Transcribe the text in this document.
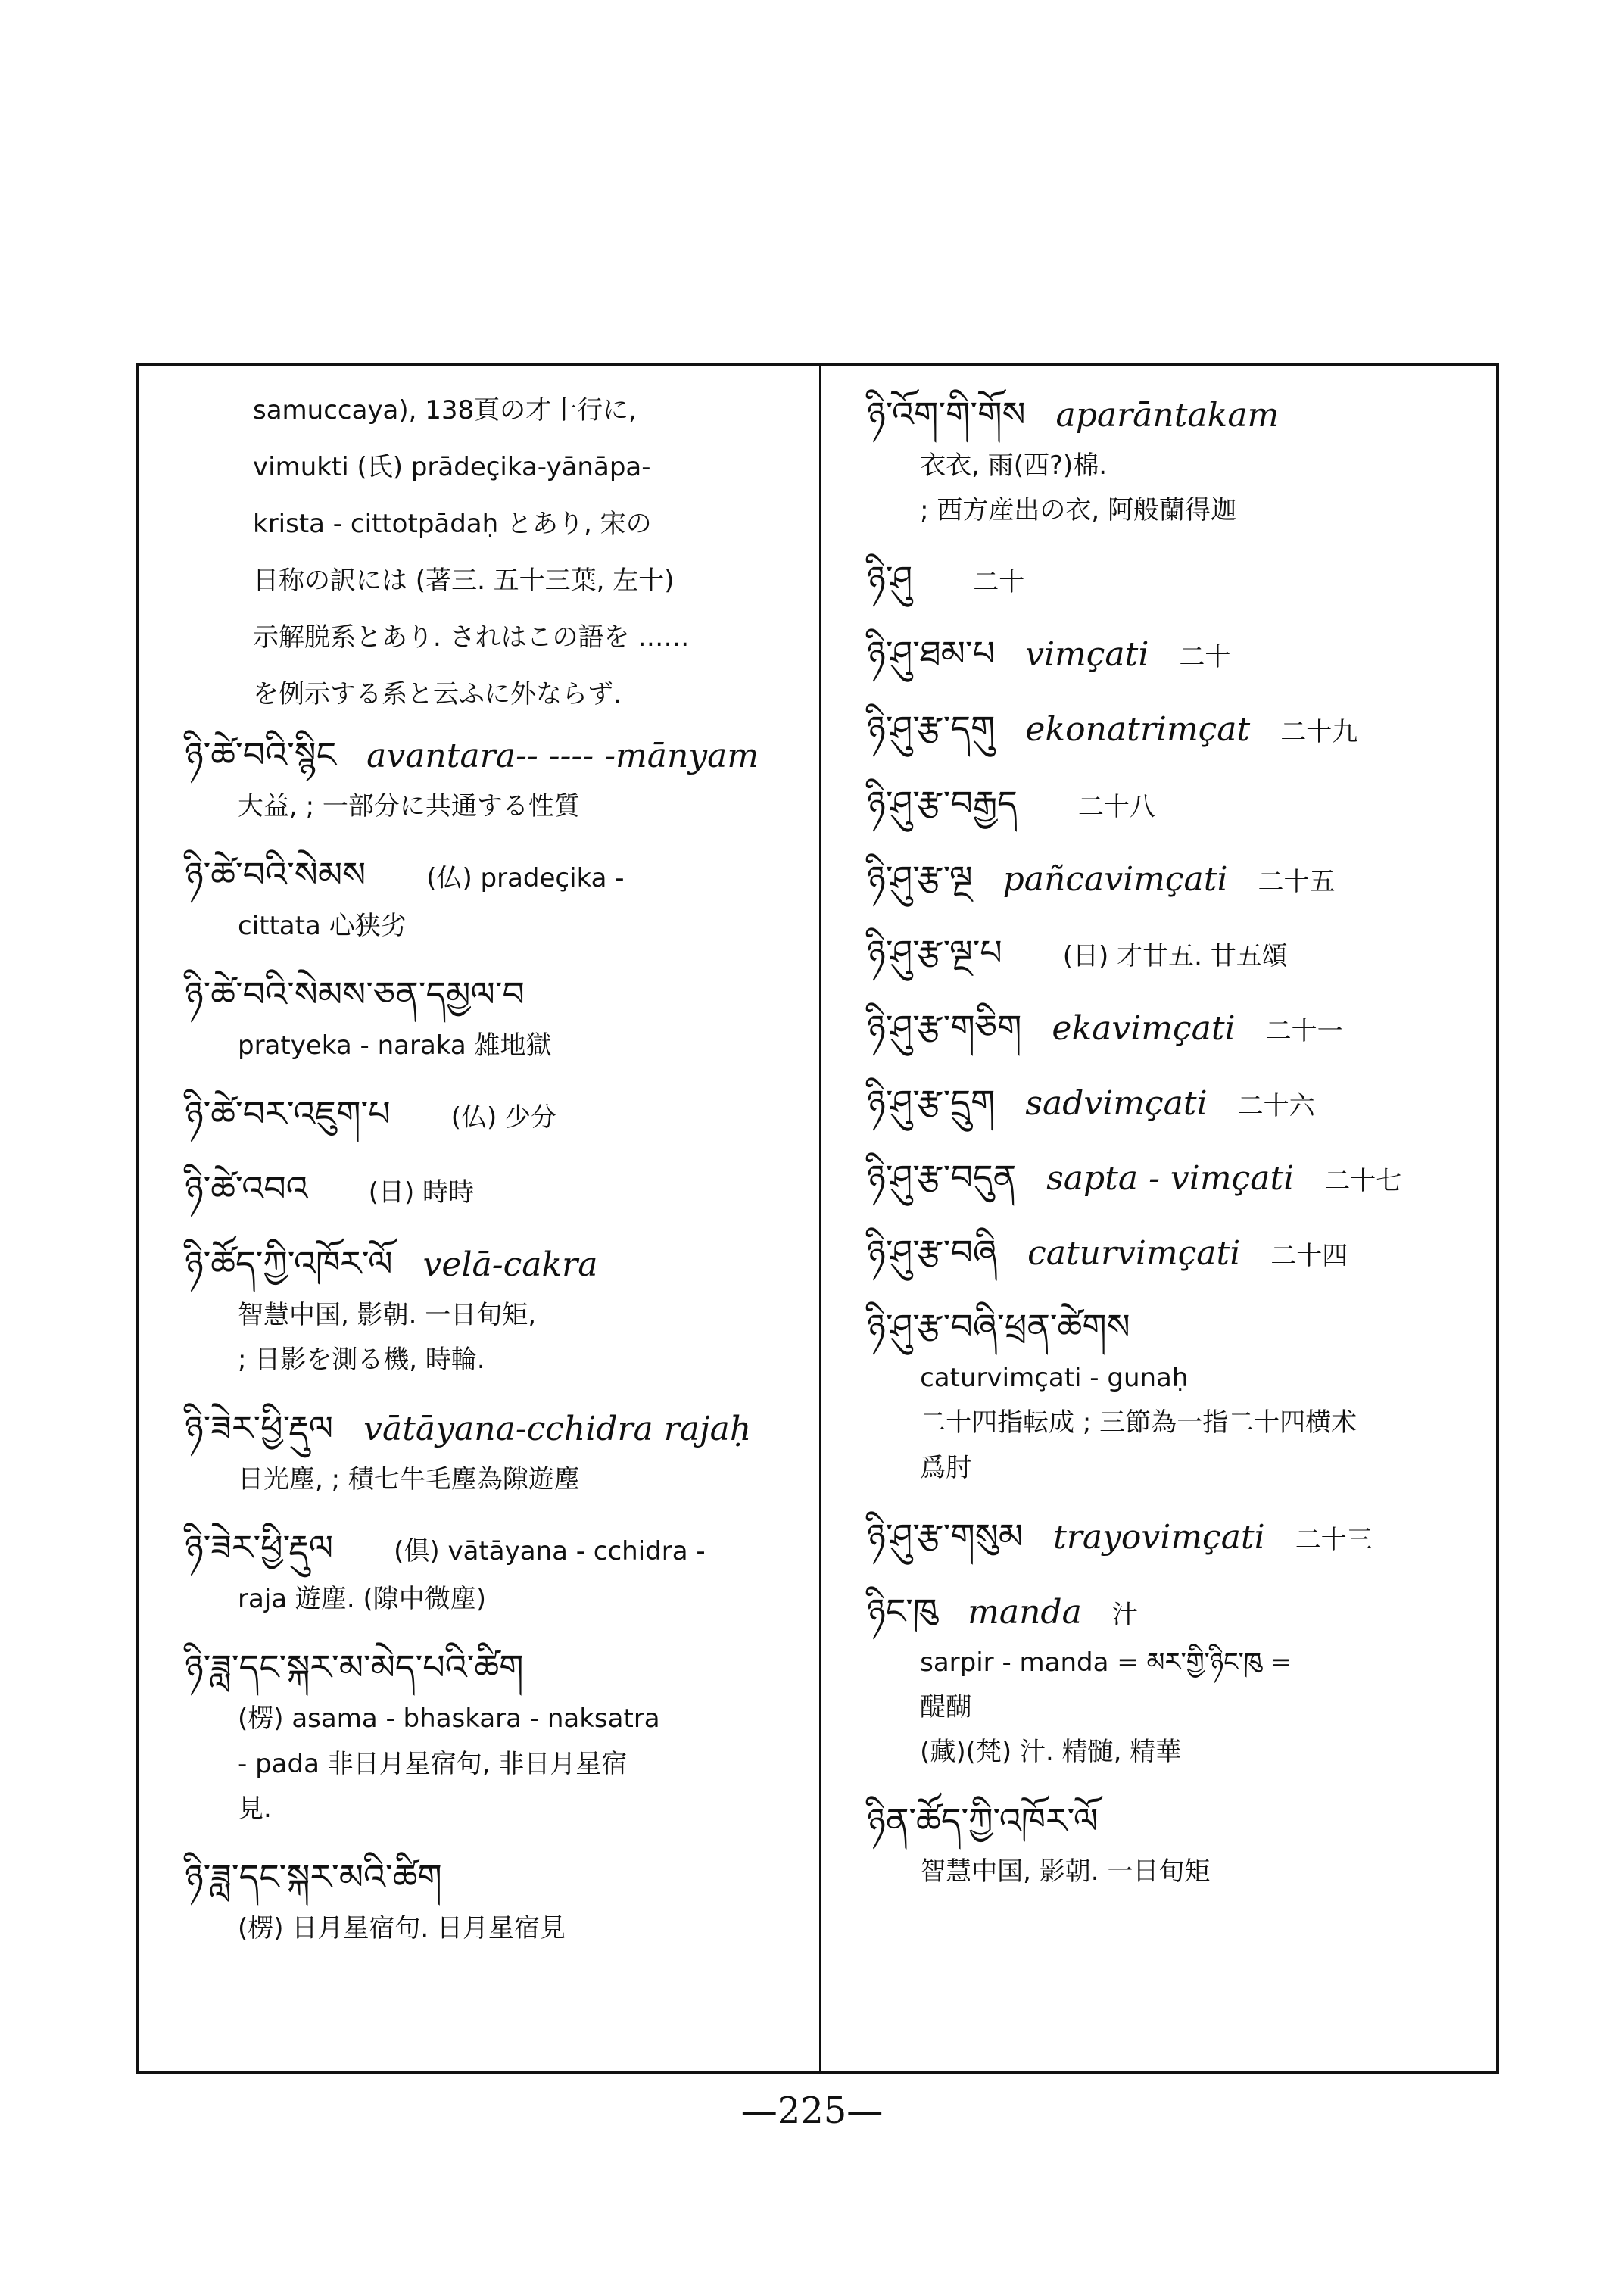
samuccaya), 138頁の才十行に,

vimukti (氏) prādeçika-yānāpa-

krista - cittotpādaḥ とあり, 宋の

日称の訳には (著三. 五十三葉, 左十)

示解脱系とあり. されはこの語を ……

を例示する系と云ふに外ならず.

ཉི་ཚེ་བའི་སྙིང avantara-- ---- -mānyam
大益, ; 一部分に共通する性質
ཉི་ཚེ་བའི་སེམས (仏) pradeçika -
cittata 心狭劣
ཉི་ཚེ་བའི་སེམས་ཅན་དམྱལ་བ
pratyeka - naraka 雑地獄
ཉི་ཚེ་བར་འཇུག་པ (仏) 少分
ཉི་ཚེ་འབའ (日) 時時
ཉི་ཚོད་ཀྱི་འཁོར་ལོ velā-cakra
智慧中国, 影朝. 一日旬矩,
; 日影を測る機, 時輪.
ཉི་ཟེར་ཕྱི་རྡུལ vātāyana-cchidra rajaḥ
日光塵, ; 積七牛毛塵為隙遊塵
ཉི་ཟེར་ཕྱི་རྡུལ (倶) vātāyana - cchidra -
raja 遊塵. (隙中微塵)
ཉི་ཟླ་དང་སྐར་མ་མེད་པའི་ཚིག
(楞) asama - bhaskara - naksatra
- pada 非日月星宿句, 非日月星宿
見.
ཉི་ཟླ་དང་སྐར་མའི་ཚིག
(楞) 日月星宿句. 日月星宿見
ཉི་འོག་གི་གོས aparāntakam
衣衣, 雨(西?)棉.
; 西方産出の衣, 阿般蘭得迦
ཉི་ཤུ 二十
ཉི་ཤུ་ཐམ་པ vimçati 二十
ཉི་ཤུ་རྩ་དགུ ekonatrimçat 二十九
ཉི་ཤུ་རྩ་བརྒྱད 二十八
ཉི་ཤུ་རྩ་ལྔ pañcavimçati 二十五
ཉི་ཤུ་རྩ་ལྔ་པ (日) 才廿五. 廿五頌
ཉི་ཤུ་རྩ་གཅིག ekavimçati 二十一
ཉི་ཤུ་རྩ་དྲུག sadvimçati 二十六
ཉི་ཤུ་རྩ་བདུན sapta - vimçati 二十七
ཉི་ཤུ་རྩ་བཞི caturvimçati 二十四
ཉི་ཤུ་རྩ་བཞི་ཕྲན་ཚེགས
caturvimçati - gunaḥ
二十四指転成 ; 三節為一指二十四横术
爲肘
ཉི་ཤུ་རྩ་གསུམ trayovimçati 二十三
ཉིང་ཁུ manda 汁
sarpir - manda = མར་གྱི་ཉིང་ཁུ =
醍醐
(藏)(梵) 汁. 精髄, 精華
ཉིན་ཚོད་ཀྱི་འཁོར་ལོ
智慧中国, 影朝. 一日旬矩
—225—
